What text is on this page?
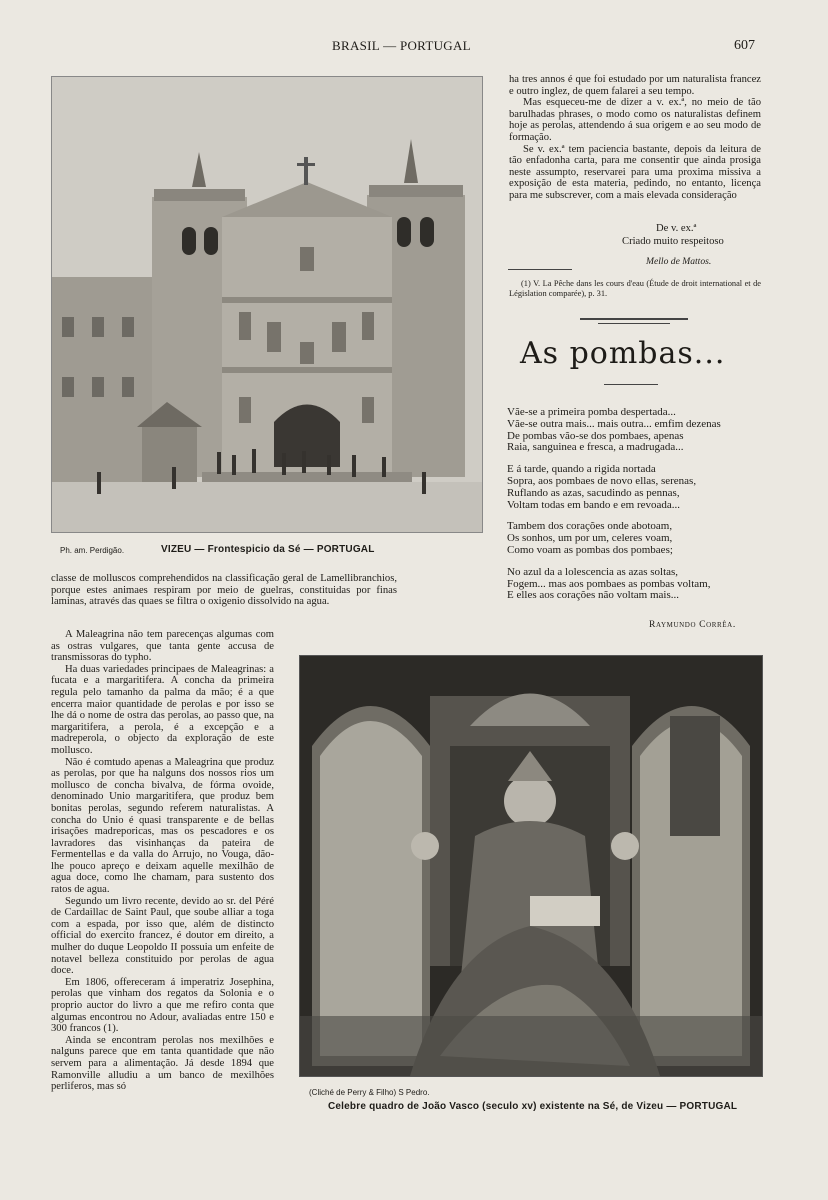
BRASIL — PORTUGAL	607
Ph. am. Perdigão.	VIZEU — Frontespicio da Sé — PORTUGAL

ha tres annos é que foi estudado por um naturalista francez e outro inglez, de quem falarei a seu tempo.

Mas esqueceu-me de dizer a v. ex.ª, no meio de tão barulhadas phrases, o modo como os naturalistas definem hoje as perolas, attendendo á sua origem e ao seu modo de formação.

Se v. ex.ª tem paciencia bastante, depois da leitura de tão enfadonha carta, para me consentir que ainda prosiga neste assumpto, reservarei para uma proxima missiva a exposição de esta materia, pedindo, no entanto, licença para me subscrever, com a mais elevada consideração

De v. ex.ª
Criado muito respeitoso
Mello de Mattos.
(1) V. La Pêche dans les cours d'eau (Étude de droit international et de Législation comparée), p. 31.
As pombas...
Vãe-se a primeira pomba despertada...
Vãe-se outra mais... mais outra... emfim dezenas
De pombas vão-se dos pombaes, apenas
Raia, sanguinea e fresca, a madrugada...
E á tarde, quando a rigida nortada
Sopra, aos pombaes de novo ellas, serenas,
Ruflando as azas, sacudindo as pennas,
Voltam todas em bando e em revoada...
Tambem dos corações onde abotoam,
Os sonhos, um por um, celeres voam,
Como voam as pombas dos pombaes;
No azul da a lolescencia as azas soltas,
Fogem... mas aos pombaes as pombas voltam,
E elles aos corações não voltam mais...
Raymundo Corrêa.

classe de molluscos comprehendidos na classificação geral de Lamellibranchios, porque estes animaes respiram por meio de guelras, constituidas por finas laminas, através das quaes se filtra o oxigenio dissolvido na agua.

A Maleagrina não tem parecenças algumas com as ostras vulgares, que tanta gente accusa de transmissoras do typho.

Ha duas variedades principaes de Maleagrinas: a fucata e a margaritifera. A concha da primeira regula pelo tamanho da palma da mão; é a que encerra maior quantidade de perolas e por isso se lhe dá o nome de ostra das perolas, ao passo que, na margaritifera, a perola, é a excepção e a madreperola, o objecto da exploração de este mollusco.

Não é comtudo apenas a Maleagrina que produz as perolas, por que ha nalguns dos nossos rios um mollusco de concha bivalva, de fórma ovoide, denominado Unio margaritifera, que produz bem bonitas perolas, segundo referem naturalistas. A concha do Unio é quasi transparente e de bellas irisações madreporicas, mas os pescadores e os lavradores das visinhanças da pateira de Fermentellas e da valla do Arrujo, no Vouga, dão-lhe pouco apreço e deixam aquelle mexilhão de agua doce, como lhe chamam, para sustento dos ratos de agua.

Segundo um livro recente, devido ao sr. del Péré de Cardaillac de Saint Paul, que soube alliar a toga com a espada, por isso que, além de distincto official do exercito francez, é doutor em direito, a mulher do duque Leopoldo II possuia um enfeite de notavel belleza constituido por perolas de agua doce.

Em 1806, offereceram á imperatriz Josephina, perolas que vinham dos regatos da Solonia e o proprio auctor do livro a que me refiro conta que algumas encontrou no Adour, avaliadas entre 150 e 300 francos (1).

Ainda se encontram perolas nos mexilhões e nalguns parece que em tanta quantidade que não servem para a alimentação. Já desde 1894 que Ramonville alludiu a um banco de mexilhões perliferos, mas só

(Cliché de Perry & Filho) S Pedro.
Celebre quadro de João Vasco (seculo xv) existente na Sé, de Vizeu — PORTUGAL
